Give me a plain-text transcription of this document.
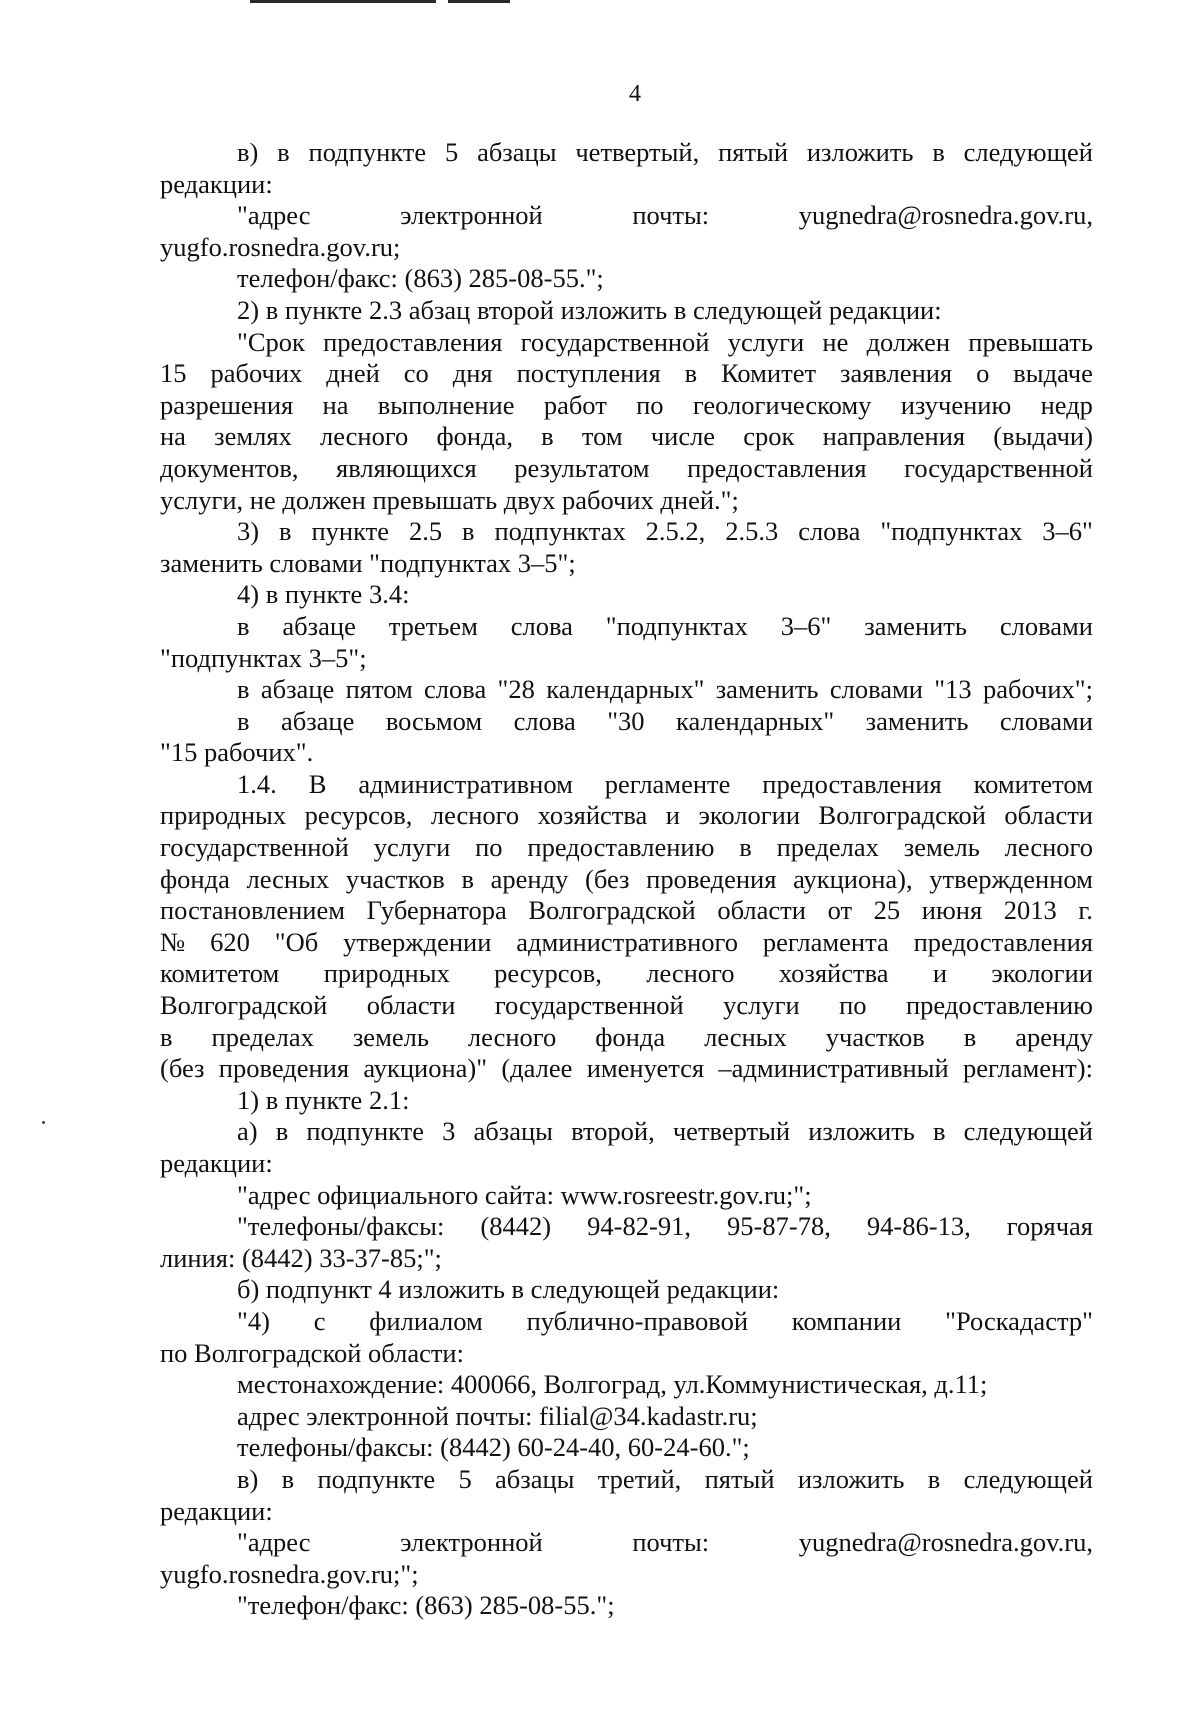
4
в) в подпункте 5 абзацы четвертый, пятый изложить в следующей
редакции:
"адрес	электронной	почты:	yugnedra@rosnedra.gov.ru,
yugfo.rosnedra.gov.ru;
телефон/факс: (863) 285-08-55.";
2) в пункте 2.3 абзац второй изложить в следующей редакции:
"Срок предоставления государственной услуги не должен превышать
15 рабочих дней со дня поступления в Комитет заявления о выдаче
разрешения на выполнение работ по геологическому изучению недр
на землях лесного фонда, в том числе срок направления (выдачи)
документов, являющихся результатом предоставления государственной
услуги, не должен превышать двух рабочих дней.";
3) в пункте 2.5 в подпунктах 2.5.2, 2.5.3 слова "подпунктах 3–6"
заменить словами "подпунктах 3–5";
4) в пункте 3.4:
в абзаце третьем слова "подпунктах 3–6" заменить словами
"подпунктах 3–5";
в абзаце пятом слова "28 календарных" заменить словами "13 рабочих";
в абзаце восьмом слова "30 календарных" заменить словами
"15 рабочих".
1.4. В административном регламенте предоставления комитетом
природных ресурсов, лесного хозяйства и экологии Волгоградской области
государственной услуги по предоставлению в пределах земель лесного
фонда лесных участков в аренду (без проведения аукциона), утвержденном
постановлением Губернатора Волгоградской области от 25 июня 2013 г.
№ 620 "Об утверждении административного регламента предоставления
комитетом природных ресурсов, лесного хозяйства и экологии
Волгоградской области государственной услуги по предоставлению
в пределах земель лесного фонда лесных участков в аренду
(без проведения аукциона)" (далее именуется –административный регламент):
1) в пункте 2.1:
а) в подпункте 3 абзацы второй, четвертый изложить в следующей
редакции:
"адрес официального сайта: www.rosreestr.gov.ru;";
"телефоны/факсы: (8442) 94-82-91, 95-87-78, 94-86-13, горячая
линия: (8442) 33-37-85;";
б) подпункт 4 изложить в следующей редакции:
"4) с филиалом публично-правовой компании "Роскадастр"
по Волгоградской области:
местонахождение: 400066, Волгоград, ул.Коммунистическая, д.11;
адрес электронной почты: filial@34.kadastr.ru;
телефоны/факсы: (8442) 60-24-40, 60-24-60.";
в) в подпункте 5 абзацы третий, пятый изложить в следующей
редакции:
"адрес	электронной	почты:	yugnedra@rosnedra.gov.ru,
yugfo.rosnedra.gov.ru;";
"телефон/факс: (863) 285-08-55.";
